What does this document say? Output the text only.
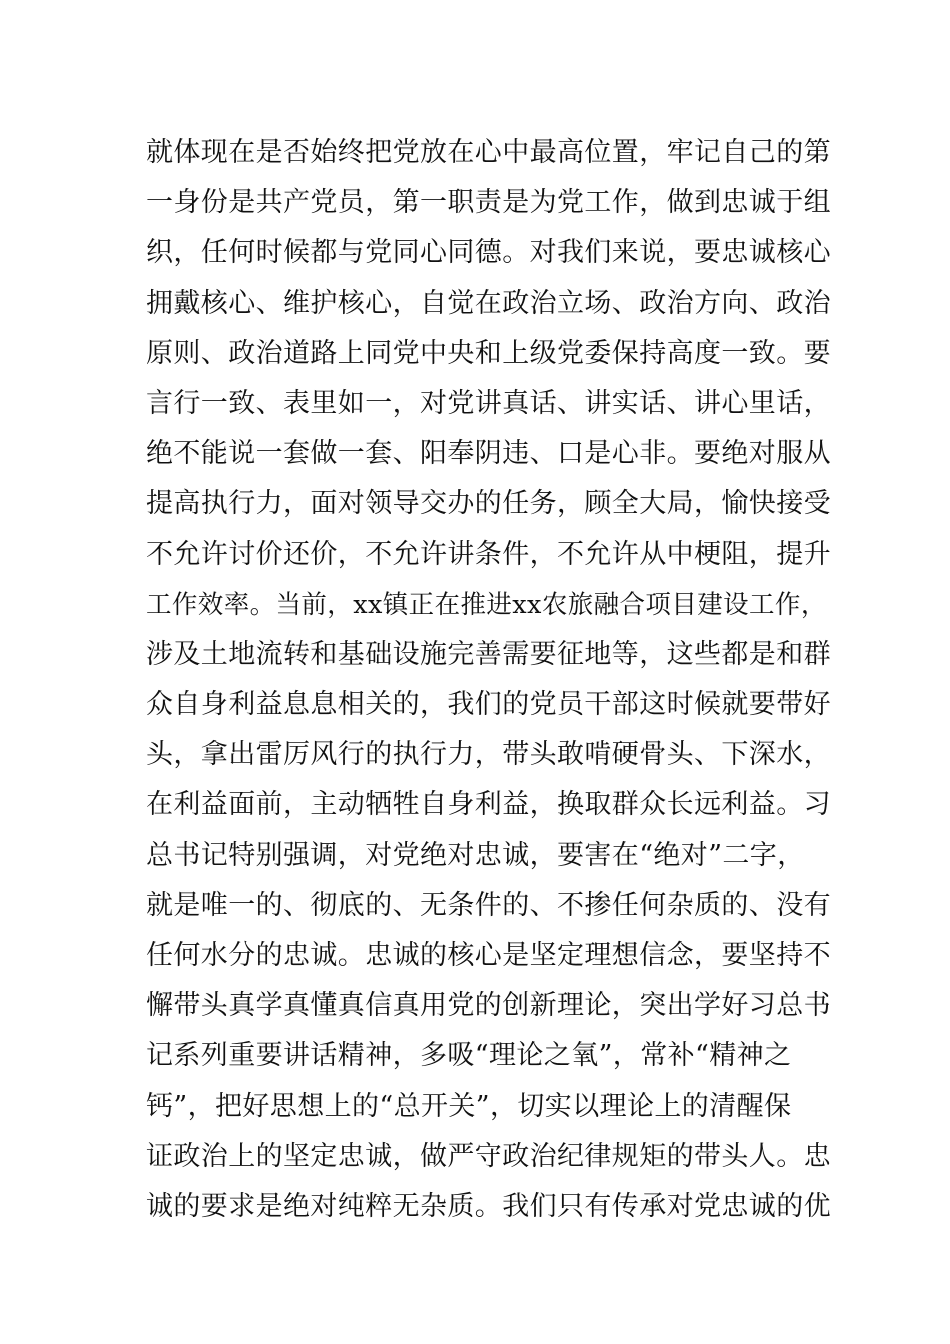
就体现在是否始终把党放在心中最高位置，牢记自己的第
一身份是共产党员，第一职责是为党工作，做到忠诚于组
织，任何时候都与党同心同德。对我们来说，要忠诚核心
拥戴核心、维护核心，自觉在政治立场、政治方向、政治
原则、政治道路上同党中央和上级党委保持高度一致。要
言行一致、表里如一，对党讲真话、讲实话、讲心里话，
绝不能说一套做一套、阳奉阴违、口是心非。要绝对服从
提高执行力，面对领导交办的任务，顾全大局，愉快接受
不允许讨价还价，不允许讲条件，不允许从中梗阻，提升
工作效率。当前，xx镇正在推进xx农旅融合项目建设工作，
涉及土地流转和基础设施完善需要征地等，这些都是和群
众自身利益息息相关的，我们的党员干部这时候就要带好
头，拿出雷厉风行的执行力，带头敢啃硬骨头、下深水，
在利益面前，主动牺牲自身利益，换取群众长远利益。习
总书记特别强调，对党绝对忠诚，要害在“绝对”二字，
就是唯一的、彻底的、无条件的、不掺任何杂质的、没有
任何水分的忠诚。忠诚的核心是坚定理想信念，要坚持不
懈带头真学真懂真信真用党的创新理论，突出学好习总书
记系列重要讲话精神，多吸“理论之氧”，常补“精神之
钙”，把好思想上的“总开关”，切实以理论上的清醒保
证政治上的坚定忠诚，做严守政治纪律规矩的带头人。忠
诚的要求是绝对纯粹无杂质。我们只有传承对党忠诚的优
